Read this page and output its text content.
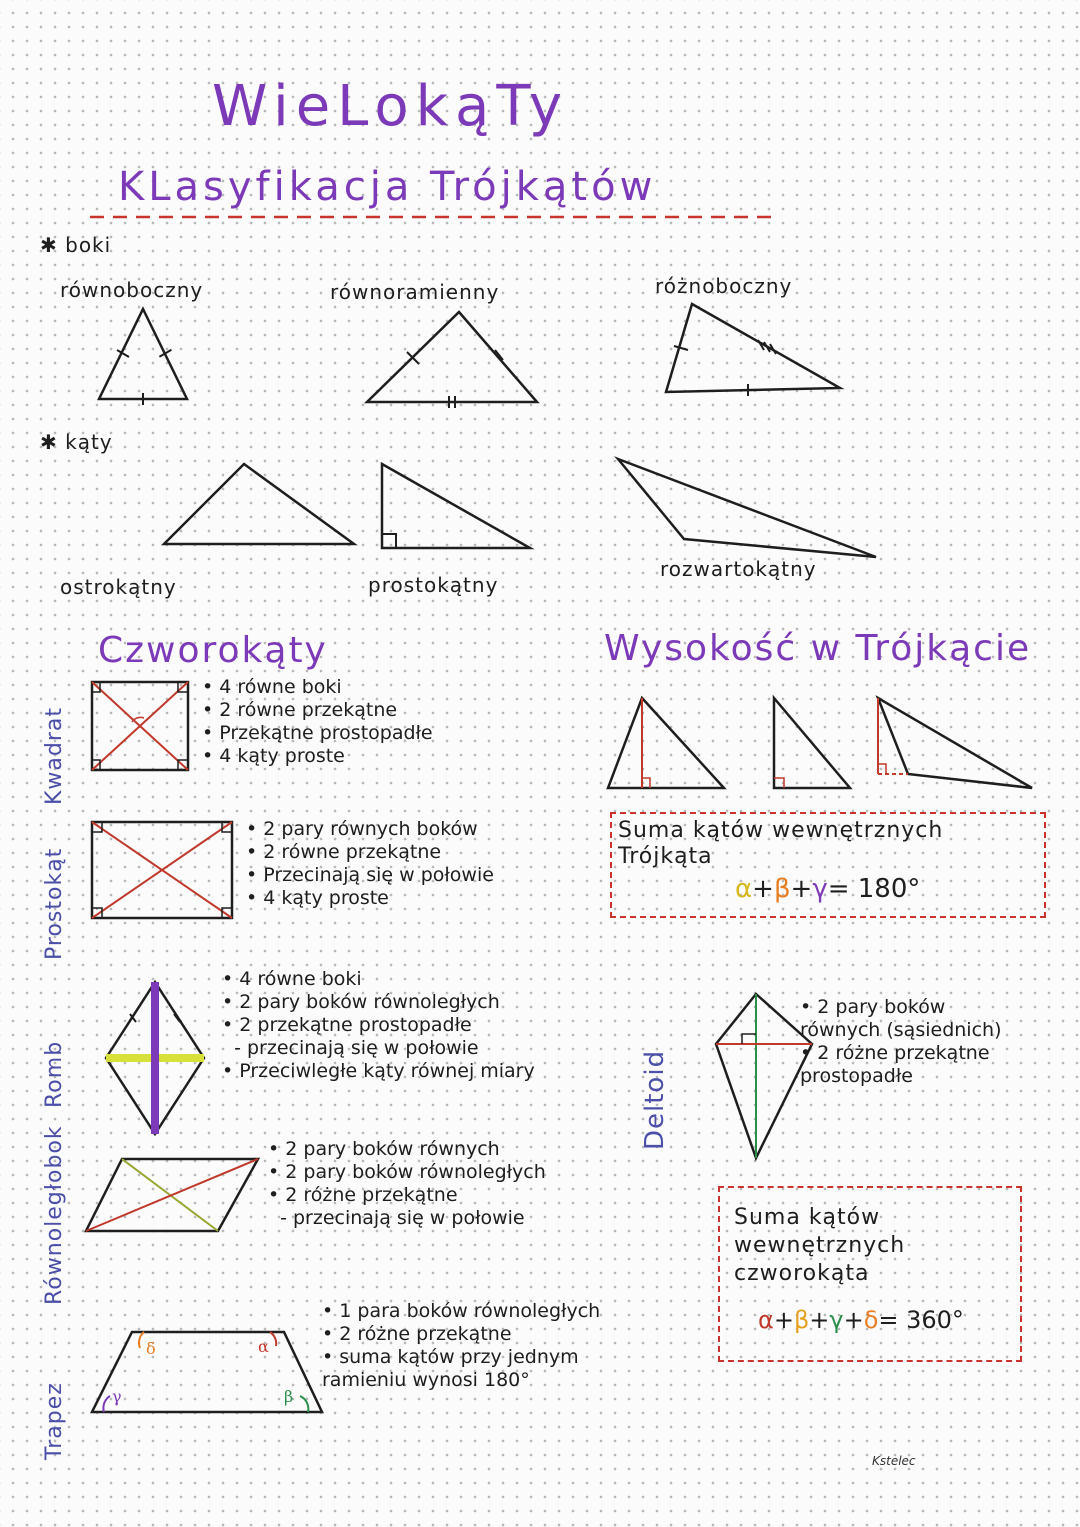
WieLokąTy
KLasyfikacja Trójkątów
✱ boki
równoboczny	równoramienny	różnoboczny
✱ kąty
ostrokątny	prostokątny
rozwartokątny
Czworokąty
Kwadrat
Prostokąt
Romb
Równoległobok
Trapez
• 4 równe boki
• 2 równe przekątne
• Przekątne prostopadłe
• 4 kąty proste
• 2 pary równych boków
• 2 równe przekątne
• Przecinają się w połowie
• 4 kąty proste
• 4 równe boki
• 2 pary boków równoległych
• 2 przekątne prostopadłe
- przecinają się w połowie
• Przeciwległe kąty równej miary
• 2 pary boków równych
• 2 pary boków równoległych
• 2 różne przekątne
- przecinają się w połowie
δ	α
γ	β
• 1 para boków równoległych
• 2 różne przekątne
• suma kątów przy jednym ramieniu wynosi 180°
Wysokość w Trójkącie
Suma kątów wewnętrznych Trójkąta
α+β+γ= 180°
Deltoid
• 2 pary boków równych (sąsiednich)
• 2 różne przekątne prostopadłe
Suma kątów wewnętrznych czworokąta
α+β+γ+δ= 360°
Kstelec
